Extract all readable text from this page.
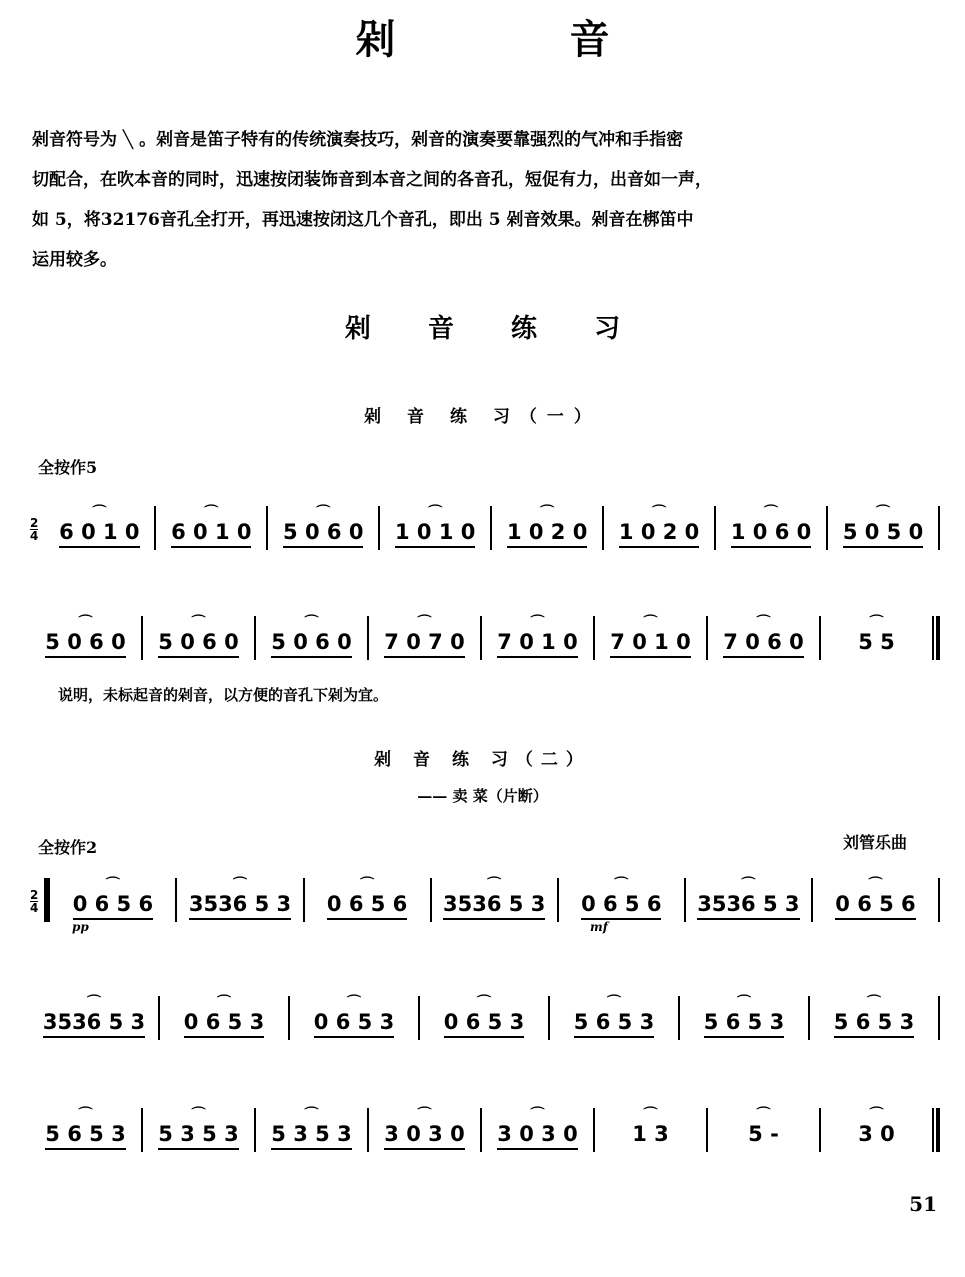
剁 音
剁音符号为 ╲ 。剁音是笛子特有的传统演奏技巧，剁音的演奏要靠强烈的气冲和手指密
切配合，在吹本音的同时，迅速按闭装饰音到本音之间的各音孔，短促有力，出音如一声，
如 5，将32176音孔全打开，再迅速按闭这几个音孔，即出 5 剁音效果。剁音在梆笛中
运用较多。
剁 音 练 习
剁 音 练 习（一）
全按作5
2
4 ⌒ 6 0 1 0 ⌒ 6 0 1 0 ⌒ 5 0 6 0 ⌒ 1 0 1 0 ⌒ 1 0 2 0 ⌒ 1 0 2 0 ⌒ 1 0 6 0 ⌒ 5 0 5 0
⌒ 5 0 6 0 ⌒ 5 0 6 0 ⌒ 5 0 6 0 ⌒ 7 0 7 0 ⌒ 7 0 1 0 ⌒ 7 0 1 0 ⌒ 7 0 6 0	⌒ 5 5
说明，未标起音的剁音，以方便的音孔下剁为宜。
剁 音 练 习（二）
—— 卖 菜（片断）
全按作2	刘管乐曲
2
4 ⌒ 0 6 5 6 ⌒ 3536 5 3 ⌒ 0 6 5 6 ⌒ 3536 5 3 ⌒ 0 6 5 6 ⌒ 3536 5 3 ⌒ 0 6 5 6
pp	mf
⌒ 3536 5 3 ⌒ 0 6 5 3 ⌒ 0 6 5 3 ⌒ 0 6 5 3 ⌒ 5 6 5 3 ⌒ 5 6 5 3 ⌒ 5 6 5 3
⌒ 5 6 5 3 ⌒ 5 3 5 3 ⌒ 5 3 5 3 ⌒ 3 0 3 0 ⌒ 3 0 3 0	⌒ 1 3	⌒ 5 -	⌒ 3 0
51
